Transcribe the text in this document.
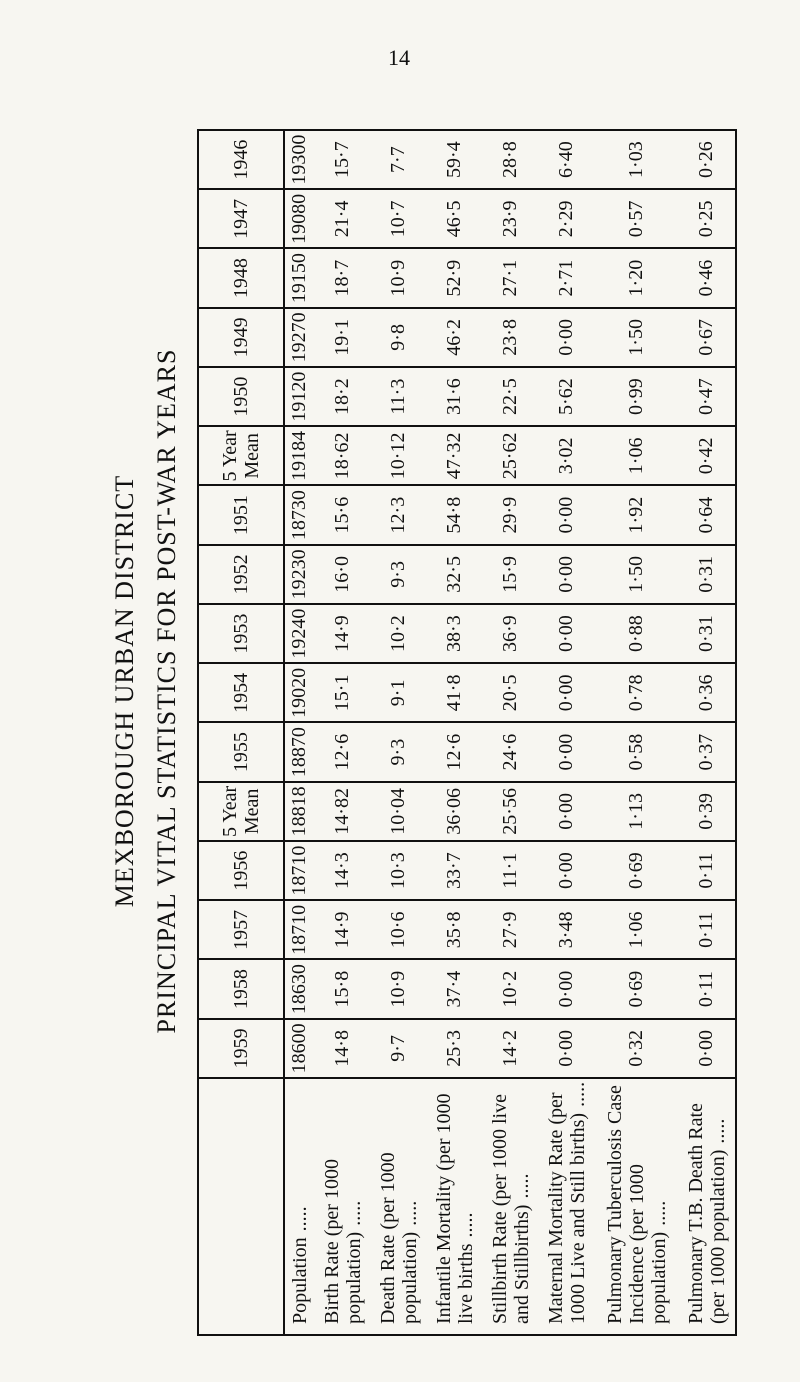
MEXBOROUGH URBAN DISTRICT PRINCIPAL VITAL STATISTICS FOR POST-WAR YEARS
	1959	1958	1957	1956	5 Year Mean	1955	1954	1953	1952	1951	5 Year Mean	1950	1949	1948	1947	1946
Population.....	18600	18630	18710	18710	18818	18870	19020	19240	19230	18730	19184	19120	19270	19150	19080	19300
Birth Rate (per 1000 population).....	14·8	15·8	14·9	14·3	14·82	12·6	15·1	14·9	16·0	15·6	18·62	18·2	19·1	18·7	21·4	15·7
Death Rate (per 1000 population).....	9·7	10·9	10·6	10·3	10·04	9·3	9·1	10·2	9·3	12·3	10·12	11·3	9·8	10·9	10·7	7·7
Infantile Mortality (per 1000 live births.....	25·3	37·4	35·8	33·7	36·06	12·6	41·8	38·3	32·5	54·8	47·32	31·6	46·2	52·9	46·5	59·4
Stillbirth Rate (per 1000 live and Stillbirths).....	14·2	10·2	27·9	11·1	25·56	24·6	20·5	36·9	15·9	29·9	25·62	22·5	23·8	27·1	23·9	28·8
Maternal Mortality Rate (per 1000 Live and Still births).....	0·00	0·00	3·48	0·00	0·00	0·00	0·00	0·00	0·00	0·00	3·02	5·62	0·00	2·71	2·29	6·40
Pulmonary Tuberculosis Case Incidence (per 1000 population).....	0·32	0·69	1·06	0·69	1·13	0·58	0·78	0·88	1·50	1·92	1·06	0·99	1·50	1·20	0·57	1·03
Pulmonary T.B. Death Rate (per 1000 population).....	0·00	0·11	0·11	0·11	0·39	0·37	0·36	0·31	0·31	0·64	0·42	0·47	0·67	0·46	0·25	0·26
14
